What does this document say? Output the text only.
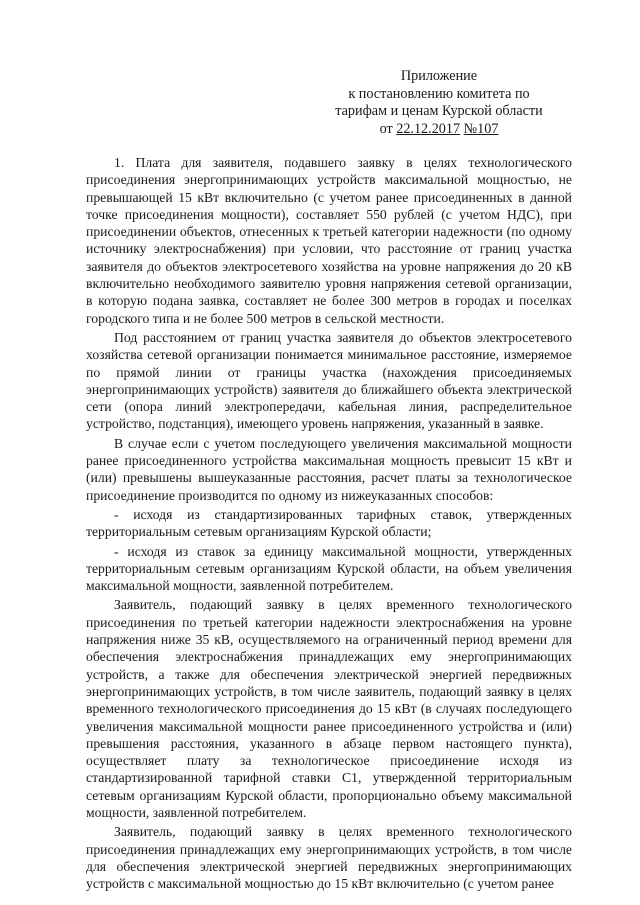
Приложение
к постановлению комитета по
тарифам и ценам Курской области
от 22.12.2017 №107

1. Плата для заявителя, подавшего заявку в целях технологического присоединения энергопринимающих устройств максимальной мощностью, не превышающей 15 кВт включительно (с учетом ранее присоединенных в данной точке присоединения мощности), составляет 550 рублей (с учетом НДС), при присоединении объектов, отнесенных к третьей категории надежности (по одному источнику электроснабжения) при условии, что расстояние от границ участка заявителя до объектов электросетевого хозяйства на уровне напряжения до 20 кВ включительно необходимого заявителю уровня напряжения сетевой организации, в которую подана заявка, составляет не более 300 метров в городах и поселках городского типа и не более 500 метров в сельской местности.

Под расстоянием от границ участка заявителя до объектов электросетевого хозяйства сетевой организации понимается минимальное расстояние, измеряемое по прямой линии от границы участка (нахождения присоединяемых энергопринимающих устройств) заявителя до ближайшего объекта электрической сети (опора линий электропередачи, кабельная линия, распределительное устройство, подстанция), имеющего уровень напряжения, указанный в заявке.

В случае если с учетом последующего увеличения максимальной мощности ранее присоединенного устройства максимальная мощность превысит 15 кВт и (или) превышены вышеуказанные расстояния, расчет платы за технологическое присоединение производится по одному из нижеуказанных способов:

- исходя из стандартизированных тарифных ставок, утвержденных территориальным сетевым организациям Курской области;

- исходя из ставок за единицу максимальной мощности, утвержденных территориальным сетевым организациям Курской области, на объем увеличения максимальной мощности, заявленной потребителем.

Заявитель, подающий заявку в целях временного технологического присоединения по третьей категории надежности электроснабжения на уровне напряжения ниже 35 кВ, осуществляемого на ограниченный период времени для обеспечения электроснабжения принадлежащих ему энергопринимающих устройств, а также для обеспечения электрической энергией передвижных энергопринимающих устройств, в том числе заявитель, подающий заявку в целях временного технологического присоединения до 15 кВт (в случаях последующего увеличения максимальной мощности ранее присоединенного устройства и (или) превышения расстояния, указанного в абзаце первом настоящего пункта), осуществляет плату за технологическое присоединение исходя из стандартизированной тарифной ставки С1, утвержденной территориальным сетевым организациям Курской области, пропорционально объему максимальной мощности, заявленной потребителем.

Заявитель, подающий заявку в целях временного технологического присоединения принадлежащих ему энергопринимающих устройств, в том числе для обеспечения электрической энергией передвижных энергопринимающих устройств с максимальной мощностью до 15 кВт включительно (с учетом ранее
